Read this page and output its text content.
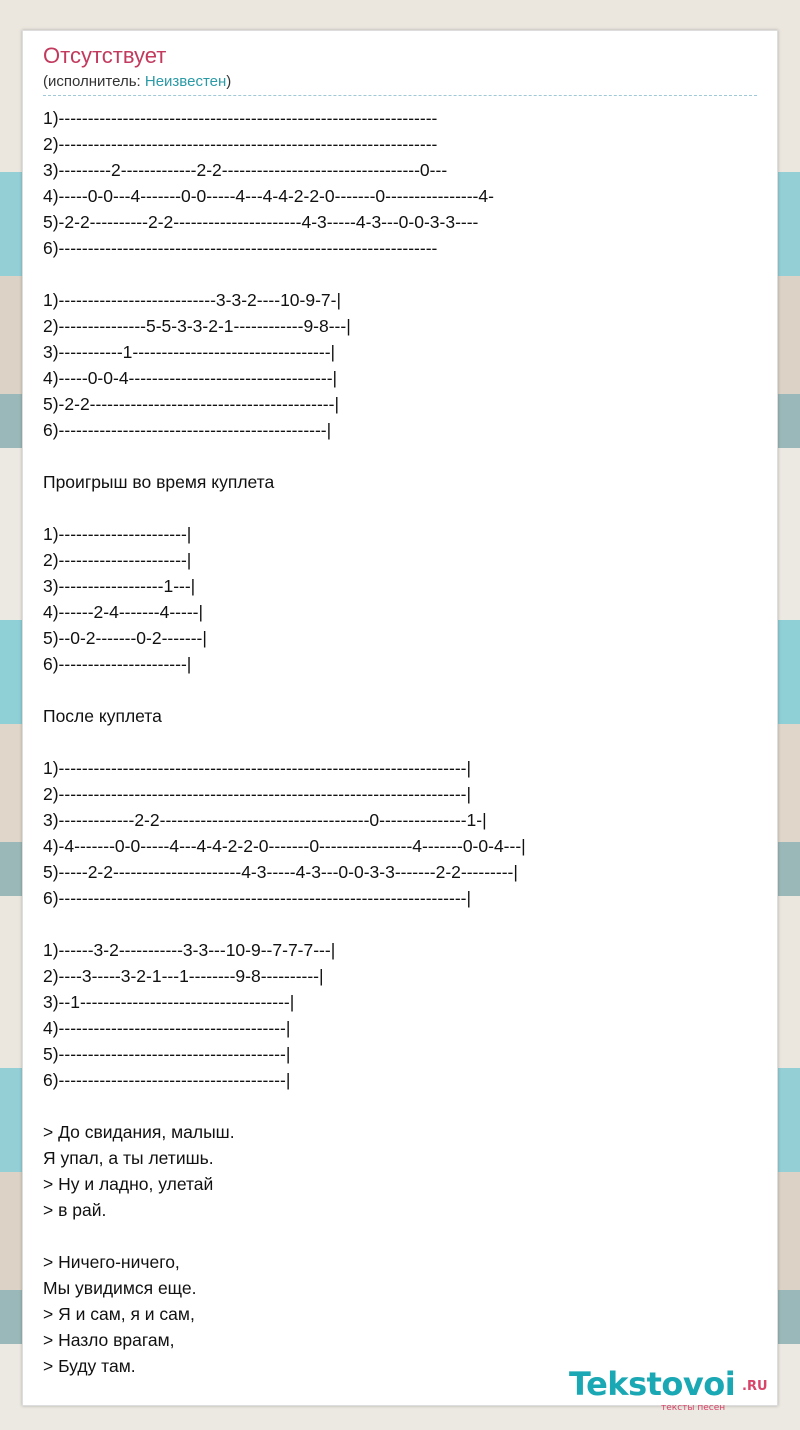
Отсутствует
(исполнитель: Неизвестен)
1)-----------------------------------------------------------------
2)-----------------------------------------------------------------
3)---------2-------------2-2----------------------------------0---
4)-----0-0---4-------0-0-----4---4-4-2-2-0-------0----------------4-
5)-2-2----------2-2----------------------4-3-----4-3---0-0-3-3----
6)-----------------------------------------------------------------
1)---------------------------3-3-2----10-9-7-|
2)---------------5-5-3-3-2-1------------9-8---|
3)-----------1----------------------------------|
4)-----0-0-4-----------------------------------|
5)-2-2------------------------------------------|
6)----------------------------------------------|
Проигрыш во время куплета
1)----------------------|
2)----------------------|
3)------------------1---|
4)------2-4-------4-----|
5)--0-2-------0-2-------|
6)----------------------|
После куплета
1)----------------------------------------------------------------------|
2)----------------------------------------------------------------------|
3)-------------2-2------------------------------------0---------------1-|
4)-4-------0-0-----4---4-4-2-2-0-------0----------------4-------0-0-4---|
5)-----2-2----------------------4-3-----4-3---0-0-3-3-------2-2---------|
6)----------------------------------------------------------------------|
1)------3-2-----------3-3---10-9--7-7-7---|
2)----3-----3-2-1---1--------9-8----------|
3)--1------------------------------------|
4)---------------------------------------|
5)---------------------------------------|
6)---------------------------------------|
> До свидания, малыш.
Я упал, а ты летишь.
> Ну и ладно, улетай
> в рай.
> Ничего-ничего,
Мы увидимся еще.
> Я и сам, я и сам,
> Назло врагам,
> Буду там.	Tekstovoi .RU
тексты песен
